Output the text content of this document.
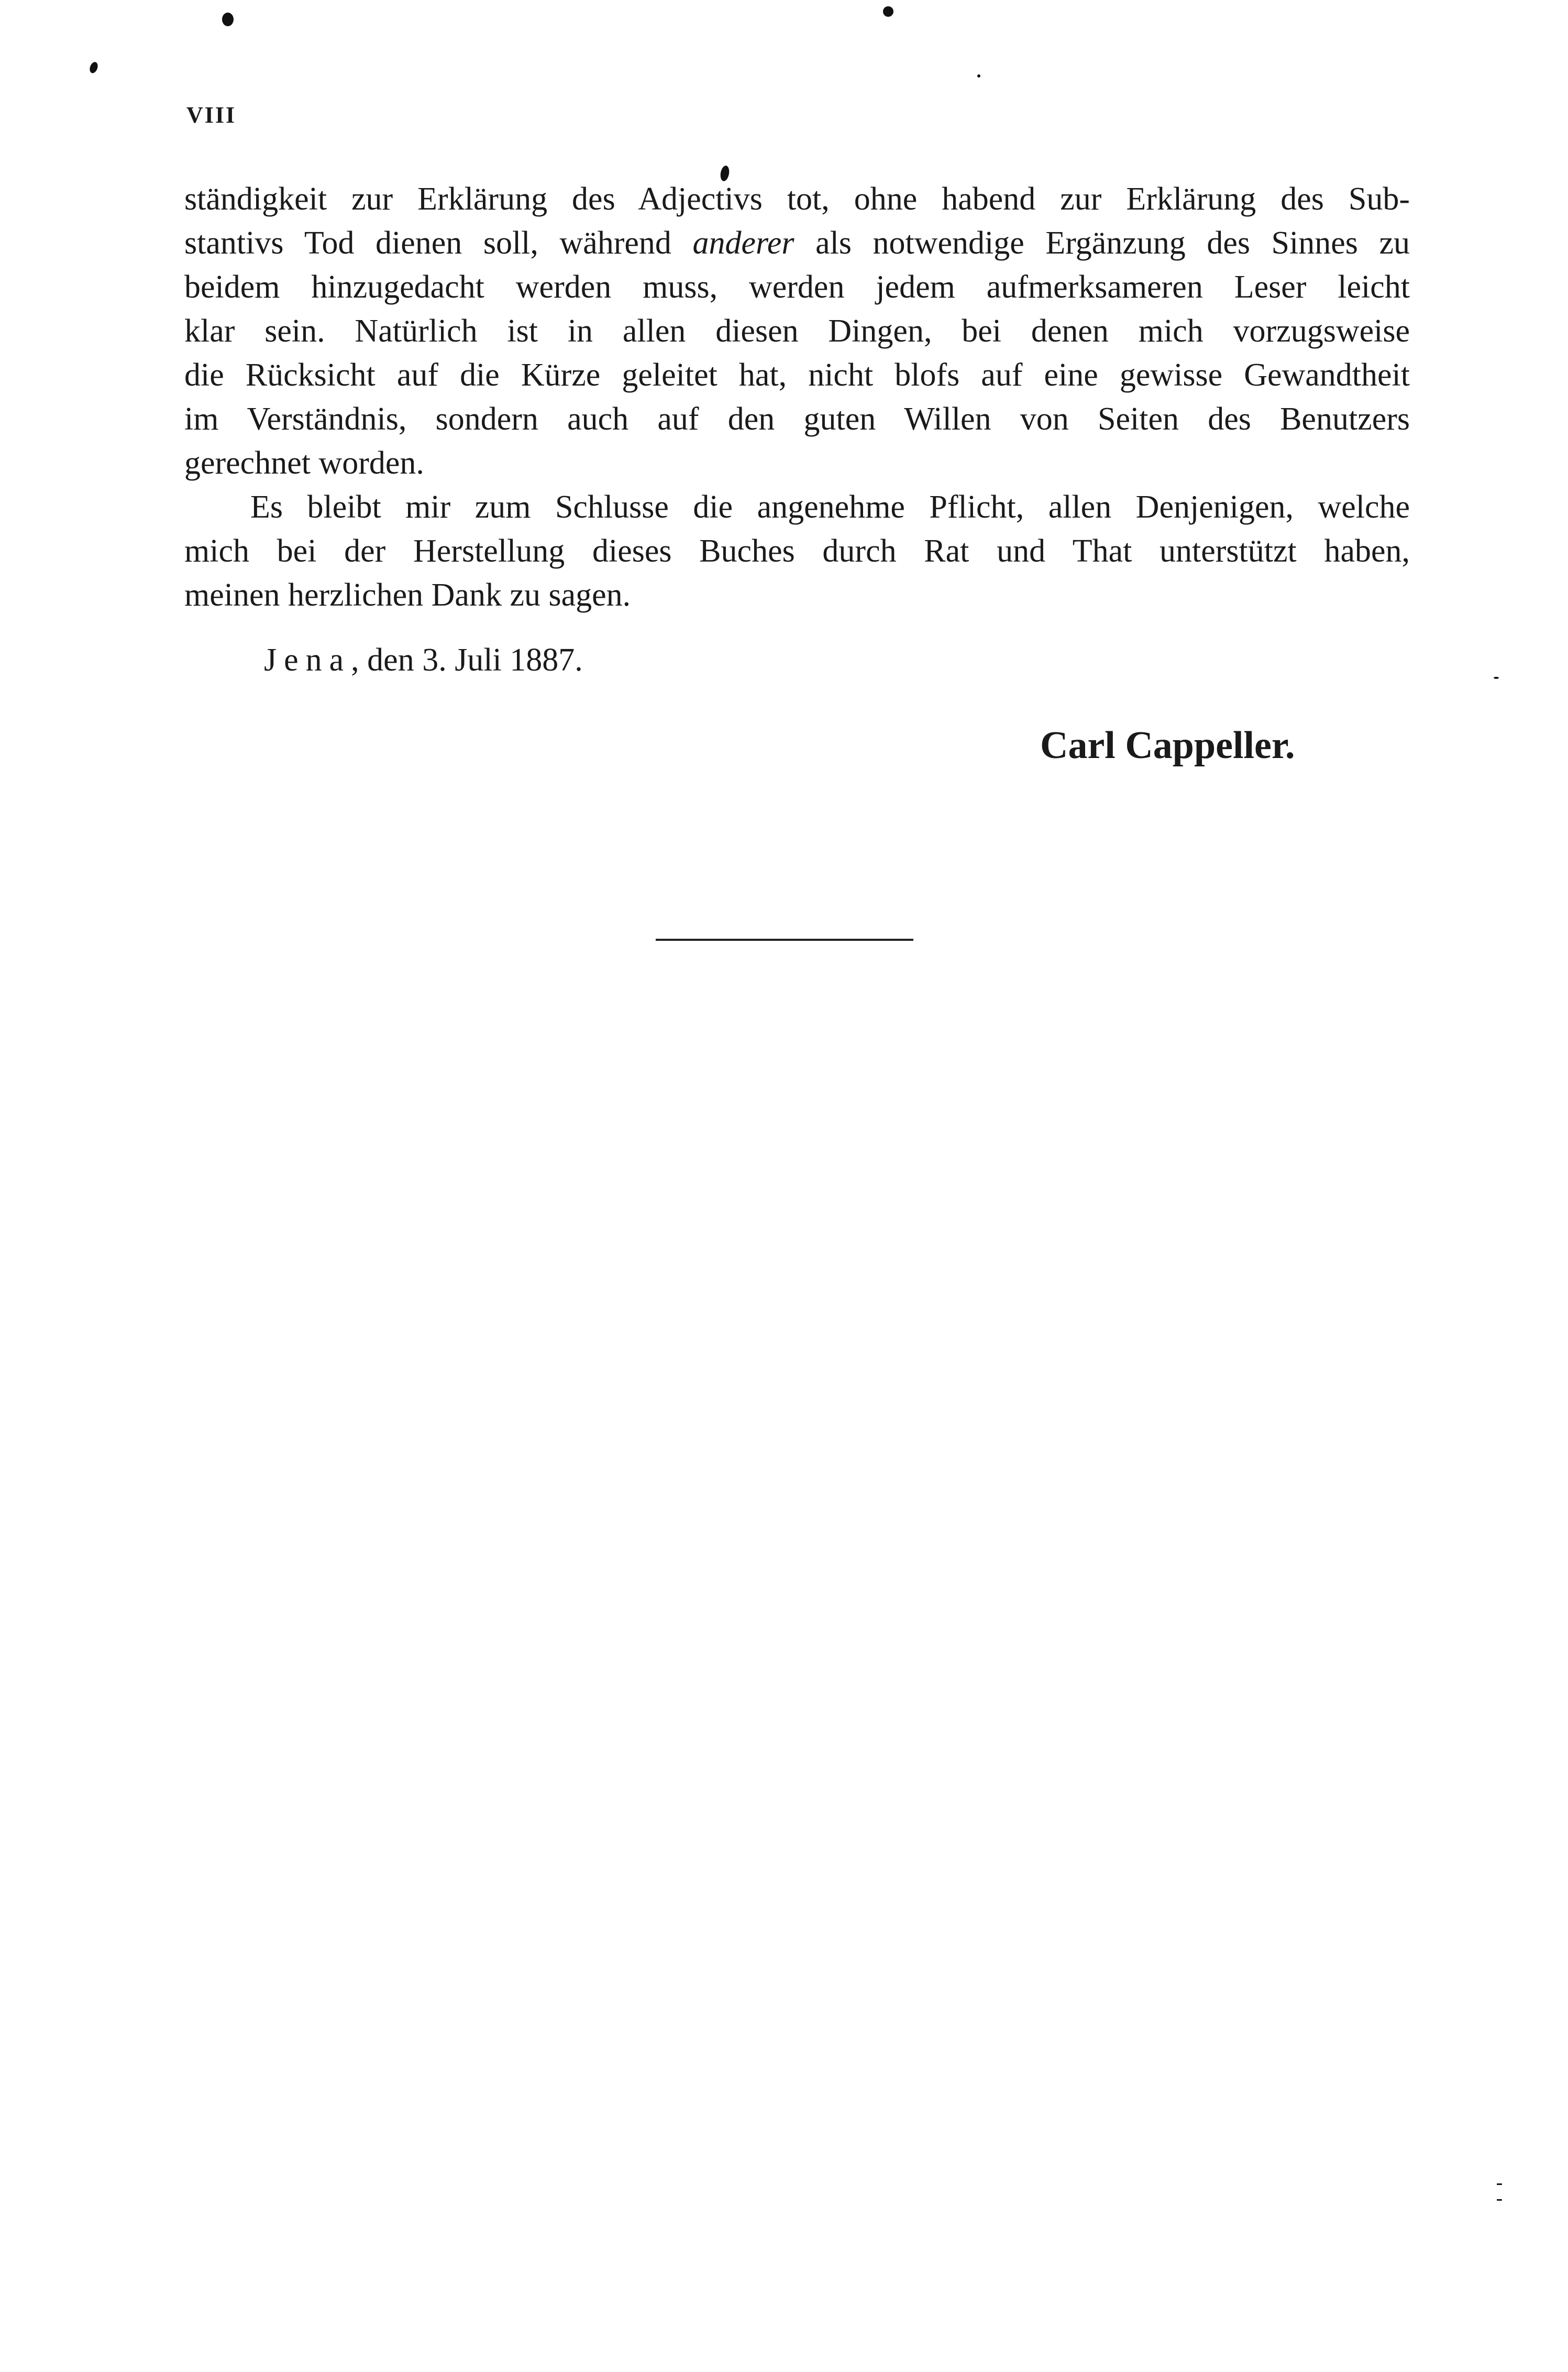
VIII
ständigkeit zur Erklärung des Adjectivs tot, ohne habend zur Erklärung des Sub-
stantivs Tod dienen soll, während anderer als notwendige Ergänzung des Sinnes zu
beidem hinzugedacht werden muss, werden jedem aufmerksameren Leser leicht
klar sein. Natürlich ist in allen diesen Dingen, bei denen mich vorzugsweise
die Rücksicht auf die Kürze geleitet hat, nicht blofs auf eine gewisse Gewandtheit
im Verständnis, sondern auch auf den guten Willen von Seiten des Benutzers
gerechnet worden.
Es bleibt mir zum Schlusse die angenehme Pflicht, allen Denjenigen, welche
mich bei der Herstellung dieses Buches durch Rat und That unterstützt haben,
meinen herzlichen Dank zu sagen.
Jena, den 3. Juli 1887.
Carl Cappeller.
